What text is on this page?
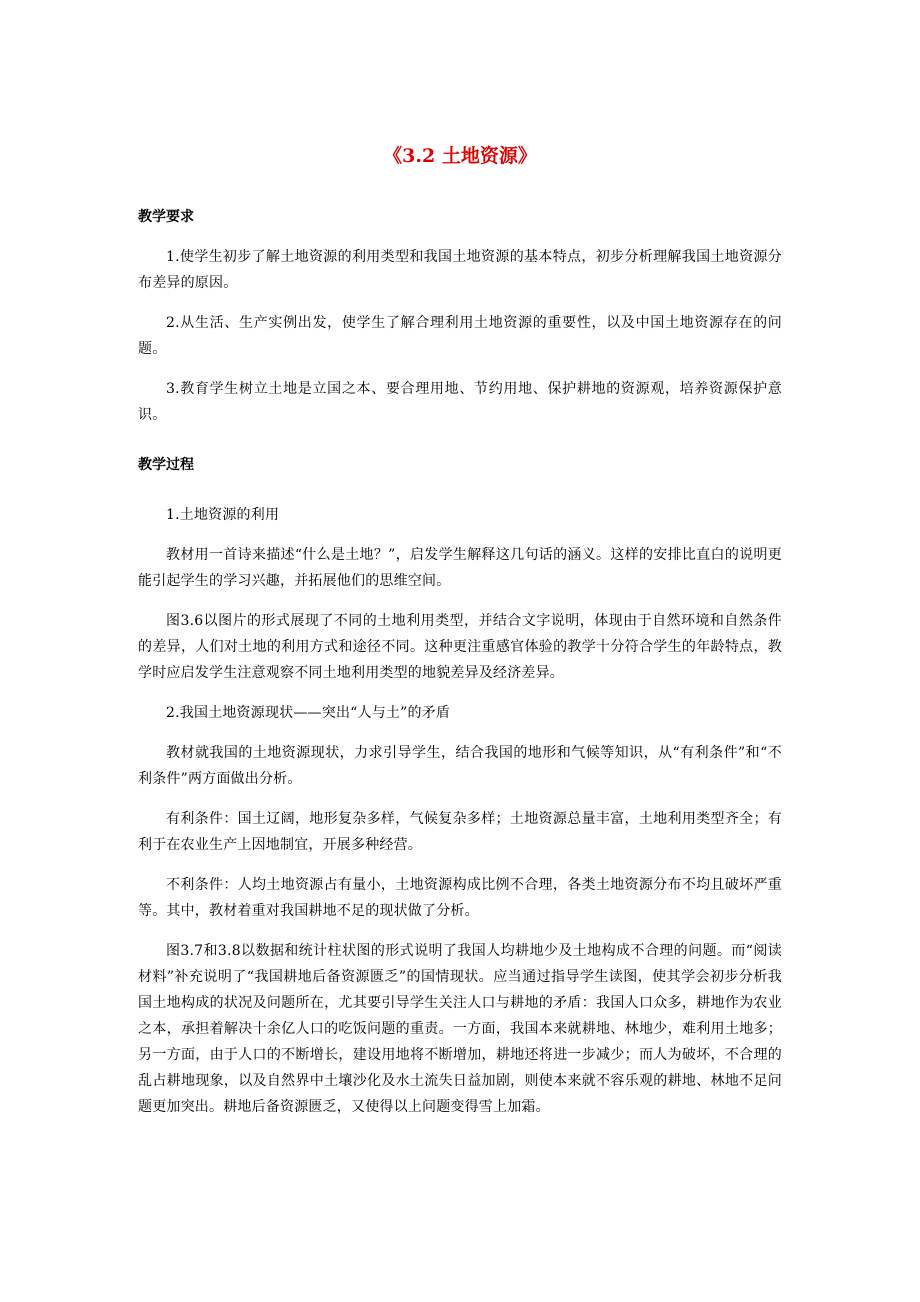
《3.2 土地资源》
教学要求

1.使学生初步了解土地资源的利用类型和我国土地资源的基本特点，初步分析理解我国土地资源分布差异的原因。

2.从生活、生产实例出发，使学生了解合理利用土地资源的重要性，以及中国土地资源存在的问题。

3.教育学生树立土地是立国之本、要合理用地、节约用地、保护耕地的资源观，培养资源保护意识。

教学过程

1.土地资源的利用

教材用一首诗来描述“什么是土地？”，启发学生解释这几句话的涵义。这样的安排比直白的说明更能引起学生的学习兴趣，并拓展他们的思维空间。

图3.6以图片的形式展现了不同的土地利用类型，并结合文字说明，体现由于自然环境和自然条件的差异，人们对土地的利用方式和途径不同。这种更注重感官体验的教学十分符合学生的年龄特点，教学时应启发学生注意观察不同土地利用类型的地貌差异及经济差异。

2.我国土地资源现状——突出“人与土”的矛盾

教材就我国的土地资源现状，力求引导学生，结合我国的地形和气候等知识，从“有利条件”和“不利条件”两方面做出分析。

有利条件：国土辽阔，地形复杂多样，气候复杂多样；土地资源总量丰富，土地利用类型齐全；有利于在农业生产上因地制宜，开展多种经营。

不利条件：人均土地资源占有量小，土地资源构成比例不合理，各类土地资源分布不均且破坏严重等。其中，教材着重对我国耕地不足的现状做了分析。

图3.7和3.8以数据和统计柱状图的形式说明了我国人均耕地少及土地构成不合理的问题。而“阅读材料”补充说明了“我国耕地后备资源匮乏”的国情现状。应当通过指导学生读图，使其学会初步分析我国土地构成的状况及问题所在，尤其要引导学生关注人口与耕地的矛盾：我国人口众多，耕地作为农业之本，承担着解决十余亿人口的吃饭问题的重责。一方面，我国本来就耕地、林地少，难利用土地多；另一方面，由于人口的不断增长，建设用地将不断增加，耕地还将进一步减少；而人为破坏，不合理的乱占耕地现象，以及自然界中土壤沙化及水土流失日益加剧，则使本来就不容乐观的耕地、林地不足问题更加突出。耕地后备资源匮乏，又使得以上问题变得雪上加霜。
